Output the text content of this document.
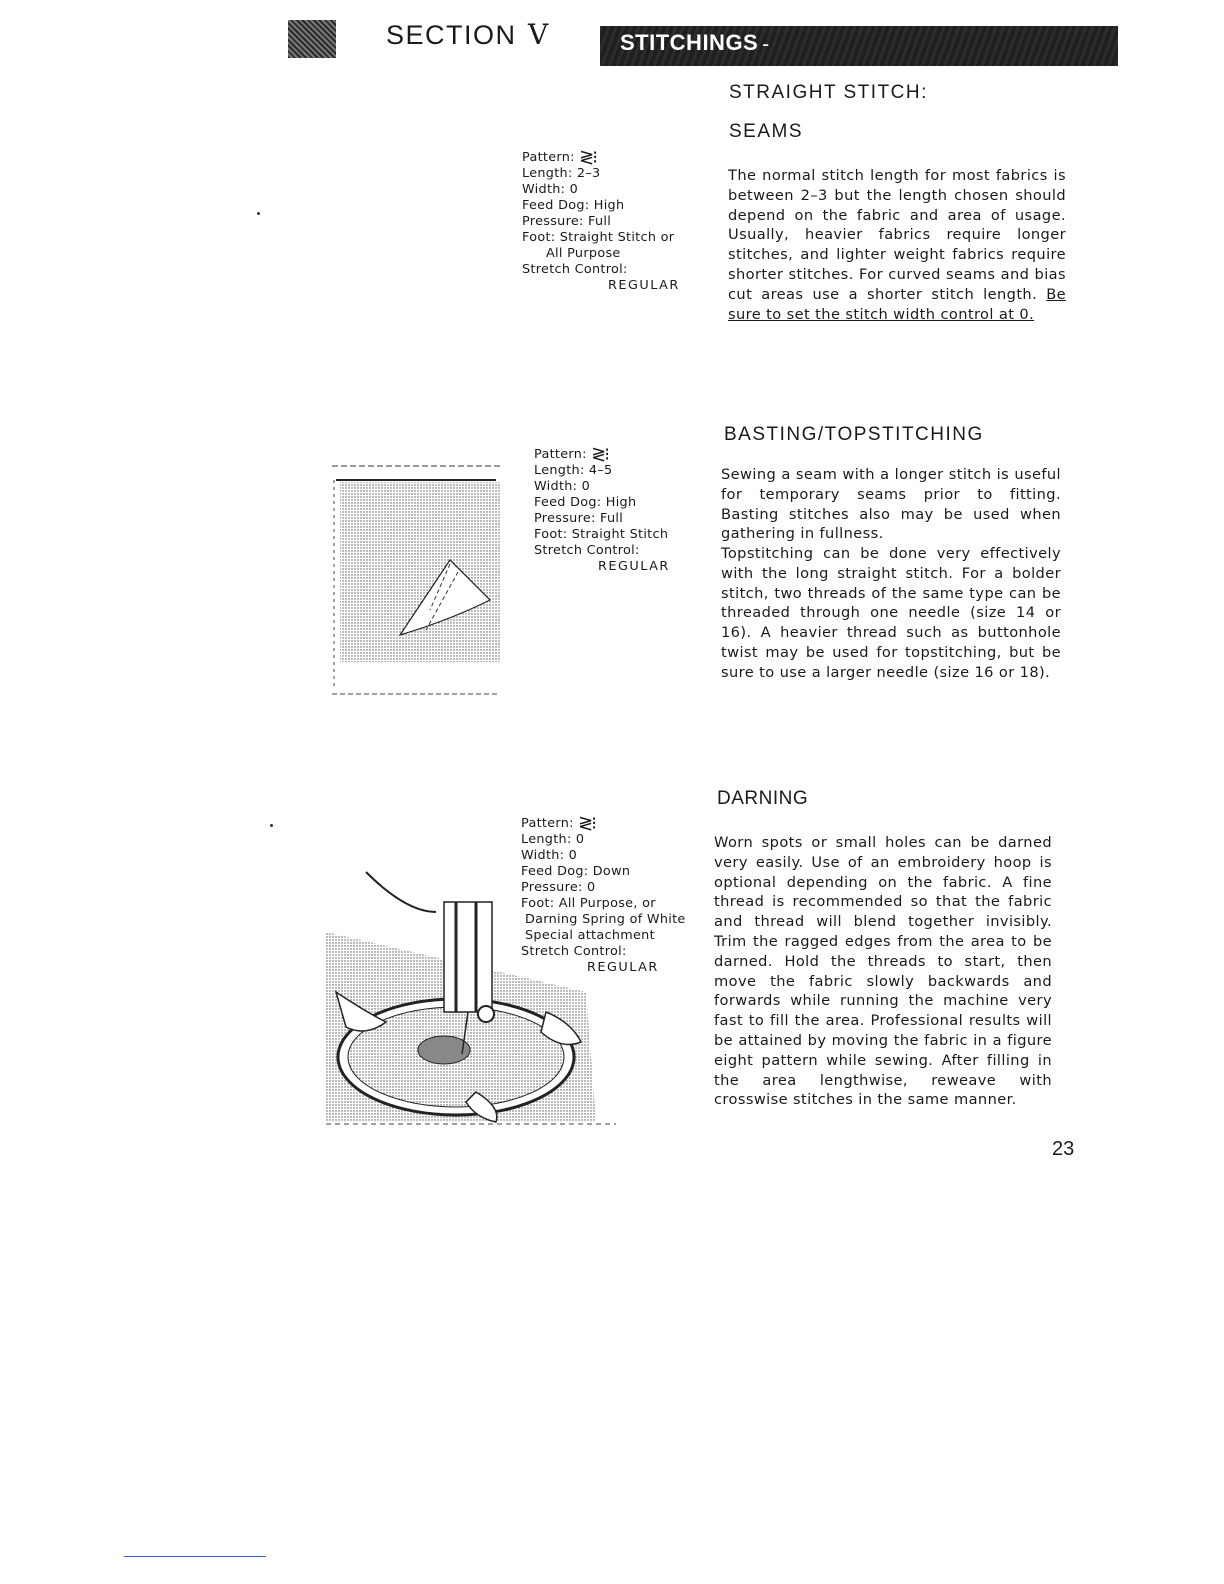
SECTION V	STITCHINGS -
STRAIGHT STITCH:
SEAMS
Pattern: ≷⁝
Length: 2–3
Width: 0
Feed Dog: High
Pressure: Full
Foot: Straight Stitch or
All Purpose
Stretch Control:
REGULAR
The normal stitch length for most fabrics is between 2–3 but the length chosen should depend on the fabric and area of usage. Usually, heavier fabrics require longer stitches, and lighter weight fabrics require shorter stitches. For curved seams and bias cut areas use a shorter stitch length. Be sure to set the stitch width control at 0.
BASTING/TOPSTITCHING
Pattern: ≷⁝
Length: 4–5
Width: 0
Feed Dog: High
Pressure: Full
Foot: Straight Stitch
Stretch Control:
REGULAR
Sewing a seam with a longer stitch is useful for temporary seams prior to fitting. Basting stitches also may be used when gathering in fullness.
Topstitching can be done very effectively with the long straight stitch. For a bolder stitch, two threads of the same type can be threaded through one needle (size 14 or 16). A heavier thread such as buttonhole twist may be used for topstitching, but be sure to use a larger needle (size 16 or 18).
DARNING
Pattern: ≷⁝
Length: 0
Width: 0
Feed Dog: Down
Pressure: 0
Foot: All Purpose, or
Darning Spring of White
Special attachment
Stretch Control:
REGULAR
Worn spots or small holes can be darned very easily. Use of an embroidery hoop is optional depending on the fabric. A fine thread is recommended so that the fabric and thread will blend together invisibly. Trim the ragged edges from the area to be darned. Hold the threads to start, then move the fabric slowly backwards and forwards while running the machine very fast to fill the area. Professional results will be attained by moving the fabric in a figure eight pattern while sewing. After filling in the area lengthwise, reweave with crosswise stitches in the same manner.
23
